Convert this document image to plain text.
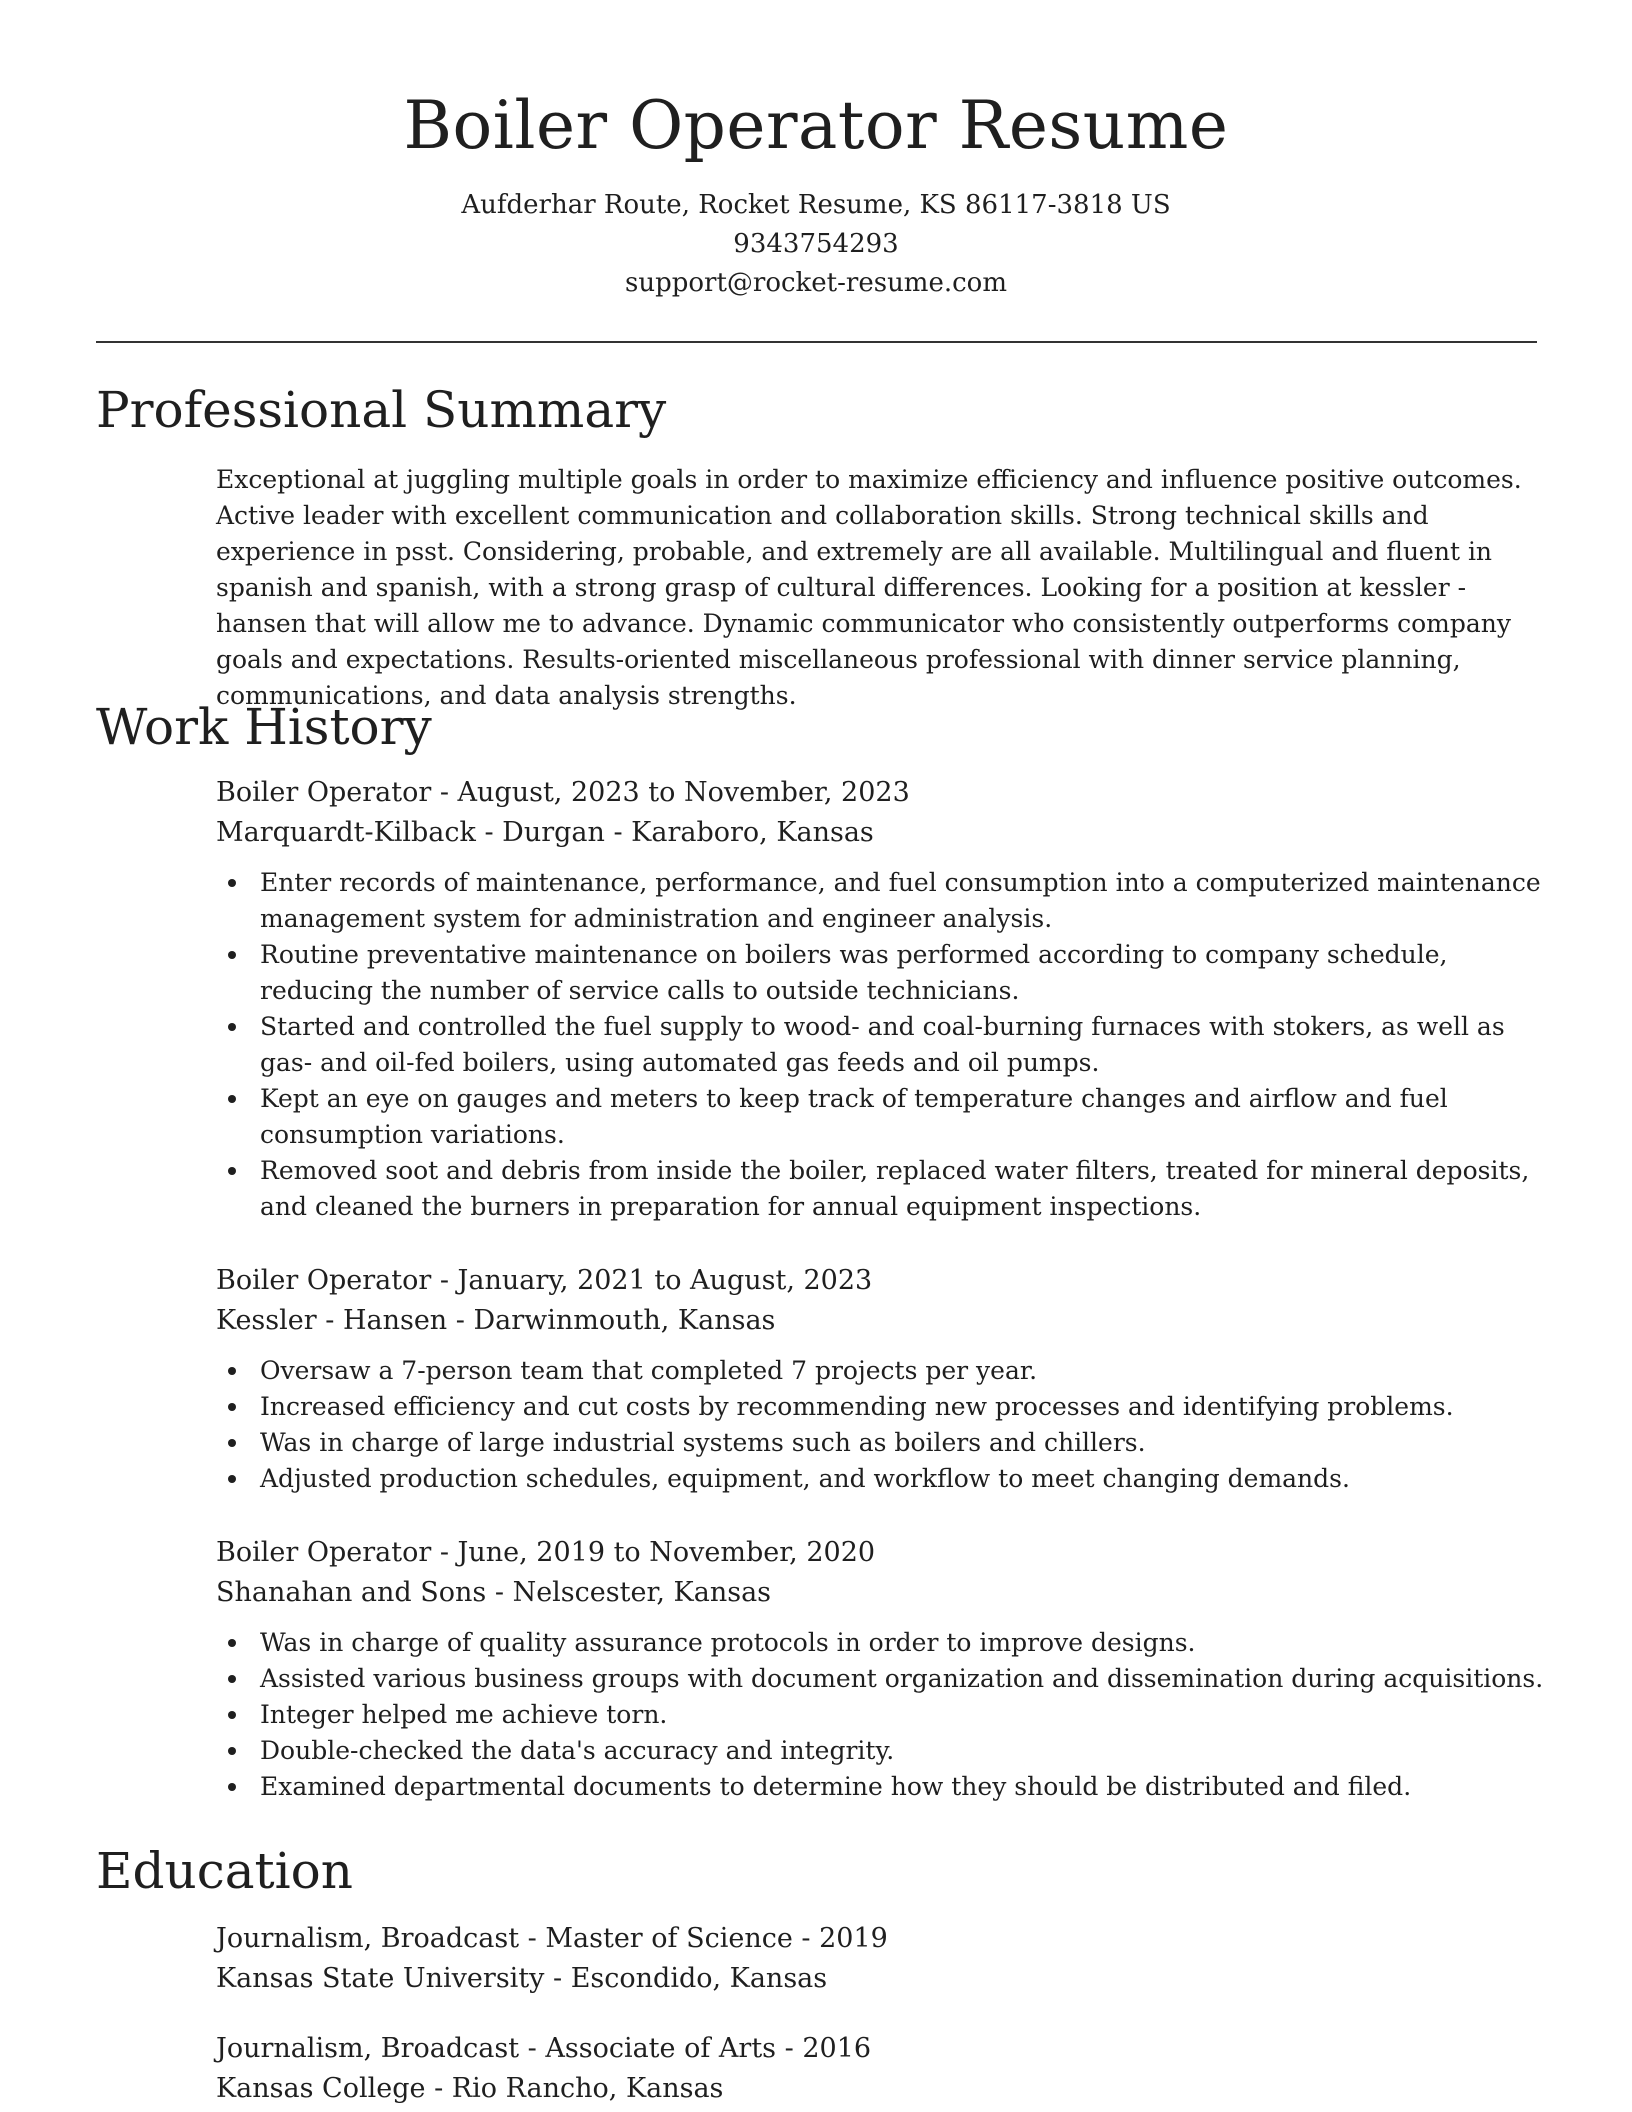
Boiler Operator Resume
Aufderhar Route, Rocket Resume, KS 86117-3818 US
9343754293
support@rocket-resume.com
Professional Summary

Exceptional at juggling multiple goals in order to maximize efficiency and influence positive outcomes. Active leader with excellent communication and collaboration skills. Strong technical skills and experience in psst. Considering, probable, and extremely are all available. Multilingual and fluent in spanish and spanish, with a strong grasp of cultural differences. Looking for a position at kessler - hansen that will allow me to advance. Dynamic communicator who consistently outperforms company goals and expectations. Results-oriented miscellaneous professional with dinner service planning, communications, and data analysis strengths.

Work History
Boiler Operator - August, 2023 to November, 2023
Marquardt-Kilback - Durgan - Karaboro, Kansas
Enter records of maintenance, performance, and fuel consumption into a computerized maintenance management system for administration and engineer analysis.
Routine preventative maintenance on boilers was performed according to company schedule, reducing the number of service calls to outside technicians.
Started and controlled the fuel supply to wood- and coal-burning furnaces with stokers, as well as gas- and oil-fed boilers, using automated gas feeds and oil pumps.
Kept an eye on gauges and meters to keep track of temperature changes and airflow and fuel consumption variations.
Removed soot and debris from inside the boiler, replaced water filters, treated for mineral deposits, and cleaned the burners in preparation for annual equipment inspections.
Boiler Operator - January, 2021 to August, 2023
Kessler - Hansen - Darwinmouth, Kansas
Oversaw a 7-person team that completed 7 projects per year.
Increased efficiency and cut costs by recommending new processes and identifying problems.
Was in charge of large industrial systems such as boilers and chillers.
Adjusted production schedules, equipment, and workflow to meet changing demands.
Boiler Operator - June, 2019 to November, 2020
Shanahan and Sons - Nelscester, Kansas
Was in charge of quality assurance protocols in order to improve designs.
Assisted various business groups with document organization and dissemination during acquisitions.
Integer helped me achieve torn.
Double-checked the data's accuracy and integrity.
Examined departmental documents to determine how they should be distributed and filed.
Education
Journalism, Broadcast - Master of Science - 2019
Kansas State University - Escondido, Kansas
Journalism, Broadcast - Associate of Arts - 2016
Kansas College - Rio Rancho, Kansas
